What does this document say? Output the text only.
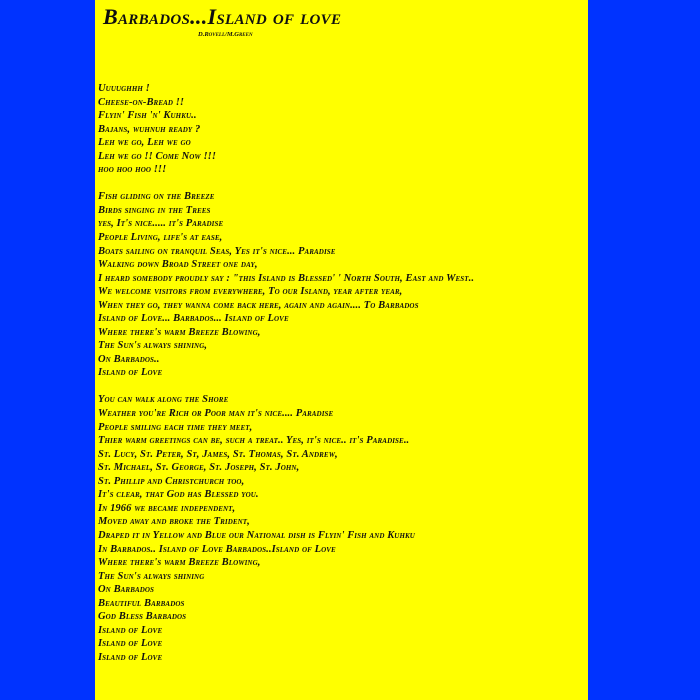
Barbados...Island of love
D.Rovell/M.Green
Uuuughhh !
Cheese-on-Bread !!
Flyin' Fish 'n' Kuhku..
Bajans, wuhnuh ready ?
Leh we go, Leh we go
Leh we go !! Come Now !!!
hoo hoo hoo !!!
Fish gliding on the Breeze
Birds singing in the Trees
yes, It's nice..... it's Paradise
People Living, life's at ease,
Boats sailing on tranquil Seas, Yes it's nice... Paradise
Walking down Broad Street one day,
I heard somebody proudly say : "this Island is Blessed' ' North South, East and West..
We welcome visitors from everywhere, To our Island, year after year,
When they go, they wanna come back here, again and again.... To Barbados
Island of Love... Barbados... Island of Love
Where there's warm Breeze Blowing,
The Sun's always shining,
On Barbados..
Island of Love
You can walk along the Shore
Weather you're Rich or Poor man it's nice.... Paradise
People smiling each time they meet,
Thier warm greetings can be, such a treat.. Yes, it's nice.. it's Paradise..
St. Lucy, St. Peter, St, James, St. Thomas, St. Andrew,
St. Michael, St. George, St. Joseph, St. John,
St. Phillip and Christchurch too,
It's clear, that God has Blessed you.
In 1966 we became independent,
Moved away and broke the Trident,
Draped it in Yellow and Blue our National dish is Flyin' Fish and Kuhku
In Barbados.. Island of Love Barbados..Island of Love
Where there's warm Breeze Blowing,
The Sun's always shining
On Barbados
Beautiful Barbados
God Bless Barbados
Island of Love
Island of Love
Island of Love
